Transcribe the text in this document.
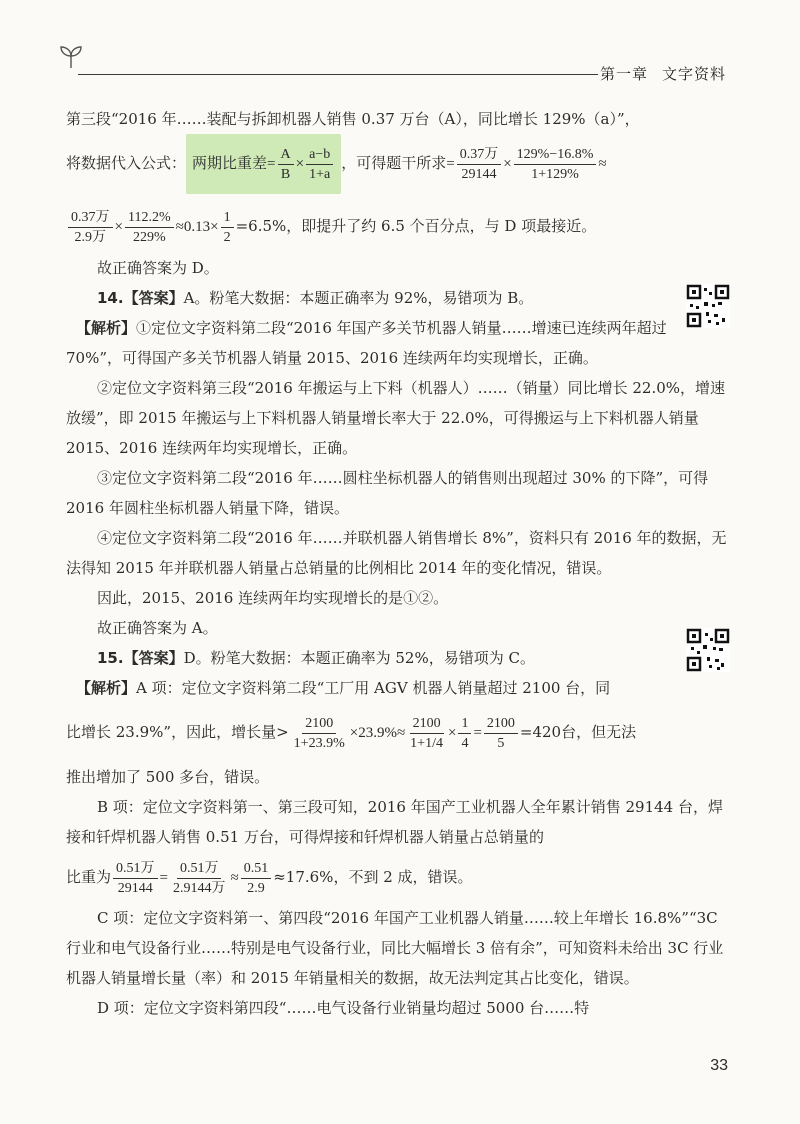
第一章 文字资料

第三段“2016 年……装配与拆卸机器人销售 0.37 万台（A），同比增长 129%（a）”，

将数据代入公式： 两期比重差 = $\frac{A}{B} \times \frac{a-b}{1+a}$ ，可得题干所求= $\frac{\text{0.37万}}{29144} \times \frac{129\%-16.8\%}{1+129\%}$ ≈

$\frac{\text{0.37万}}{\text{2.9万}} \times \frac{112.2\%}{229\%} \approx 0.13\times \frac{1}{2} =6.5\%$，即提升了约 6.5 个百分点，与 D 项最接近。

故正确答案为 D。

14.【答案】A。粉笔大数据：本题正确率为 92%，易错项为 B。

【解析】①定位文字资料第二段“2016 年国产多关节机器人销量……增速已连续两年超过 70%”，可得国产多关节机器人销量 2015、2016 连续两年均实现增长，正确。

②定位文字资料第三段“2016 年搬运与上下料（机器人）……（销量）同比增长 22.0%，增速放缓”，即 2015 年搬运与上下料机器人销量增长率大于 22.0%，可得搬运与上下料机器人销量 2015、2016 连续两年均实现增长，正确。

③定位文字资料第二段“2016 年……圆柱坐标机器人的销售则出现超过 30% 的下降”，可得 2016 年圆柱坐标机器人销量下降，错误。

④定位文字资料第二段“2016 年……并联机器人销售增长 8%”，资料只有 2016 年的数据，无法得知 2015 年并联机器人销量占总销量的比例相比 2014 年的变化情况，错误。

因此，2015、2016 连续两年均实现增长的是①②。

故正确答案为 A。

15.【答案】D。粉笔大数据：本题正确率为 52%，易错项为 C。

【解析】A 项：定位文字资料第二段“工厂用 AGV 机器人销量超过 2100 台，同

比增长 23.9%”，因此，增长量> $\frac{2100}{1+23.9\%} \times 23.9\%\approx \frac{2100}{1+1/4} \times \frac{1}{4} = \frac{2100}{5} =420$台，但无法

推出增加了 500 多台，错误。

B 项：定位文字资料第一、第三段可知，2016 年国产工业机器人全年累计销售 29144 台，焊接和钎焊机器人销售 0.51 万台，可得焊接和钎焊机器人销量占总销量的

比重为 $\frac{\text{0.51万}}{29144} = \frac{\text{0.51万}}{\text{2.9144万}} \approx \frac{0.51}{2.9} \approx 17.6\%$，不到 2 成，错误。

C 项：定位文字资料第一、第四段“2016 年国产工业机器人销量……较上年增长 16.8%”“3C 行业和电气设备行业……特别是电气设备行业，同比大幅增长 3 倍有余”，可知资料未给出 3C 行业机器人销量增长量（率）和 2015 年销量相关的数据，故无法判定其占比变化，错误。

D 项：定位文字资料第四段“……电气设备行业销量均超过 5000 台……特

33
